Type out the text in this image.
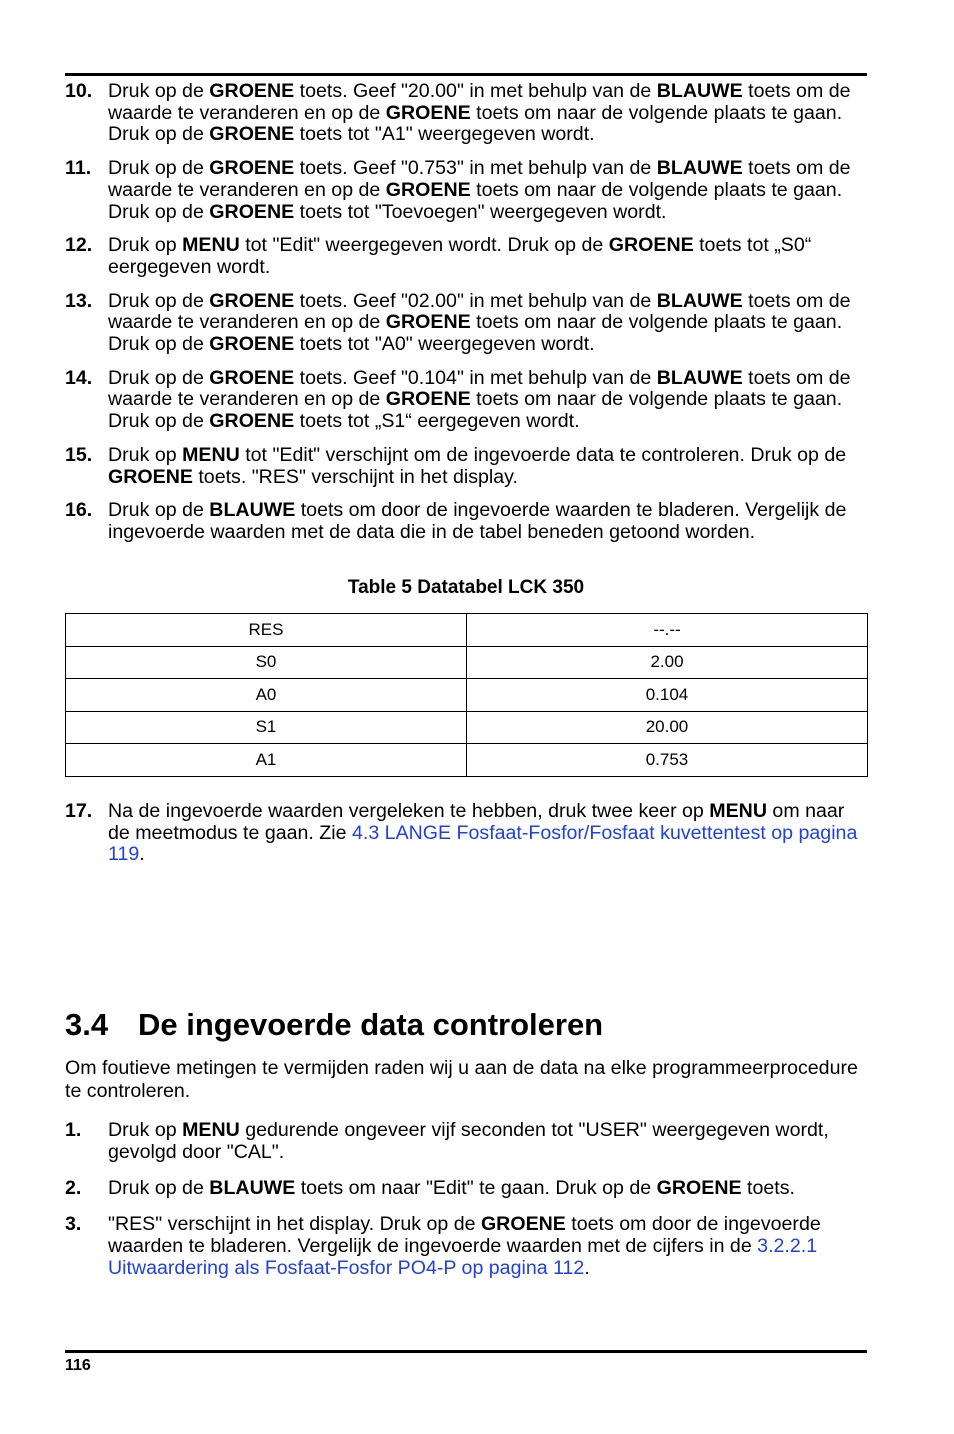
10. Druk op de GROENE toets. Geef "20.00" in met behulp van de BLAUWE toets om de waarde te veranderen en op de GROENE toets om naar de volgende plaats te gaan. Druk op de GROENE toets tot "A1" weergegeven wordt.
11. Druk op de GROENE toets. Geef "0.753" in met behulp van de BLAUWE toets om de waarde te veranderen en op de GROENE toets om naar de volgende plaats te gaan. Druk op de GROENE toets tot "Toevoegen" weergegeven wordt.
12. Druk op MENU tot "Edit" weergegeven wordt. Druk op de GROENE toets tot „S0“ eergegeven wordt.
13. Druk op de GROENE toets. Geef "02.00" in met behulp van de BLAUWE toets om de waarde te veranderen en op de GROENE toets om naar de volgende plaats te gaan. Druk op de GROENE toets tot "A0" weergegeven wordt.
14. Druk op de GROENE toets. Geef "0.104" in met behulp van de BLAUWE toets om de waarde te veranderen en op de GROENE toets om naar de volgende plaats te gaan. Druk op de GROENE toets tot „S1“ eergegeven wordt.
15. Druk op MENU tot "Edit" verschijnt om de ingevoerde data te controleren. Druk op de GROENE toets. "RES" verschijnt in het display.
16. Druk op de BLAUWE toets om door de ingevoerde waarden te bladeren. Vergelijk de ingevoerde waarden met de data die in de tabel beneden getoond worden.
Table 5 Datatabel LCK 350
RES	--.--
S0	2.00
A0	0.104
S1	20.00
A1	0.753
17. Na de ingevoerde waarden vergeleken te hebben, druk twee keer op MENU om naar de meetmodus te gaan. Zie 4.3 LANGE Fosfaat-Fosfor/Fosfaat kuvettentest op pagina 119.
3.4 De ingevoerde data controleren

Om foutieve metingen te vermijden raden wij u aan de data na elke programmeerprocedure te controleren.

1. Druk op MENU gedurende ongeveer vijf seconden tot "USER" weergegeven wordt, gevolgd door "CAL".
2. Druk op de BLAUWE toets om naar "Edit" te gaan. Druk op de GROENE toets.
3. "RES" verschijnt in het display. Druk op de GROENE toets om door de ingevoerde waarden te bladeren. Vergelijk de ingevoerde waarden met de cijfers in de 3.2.2.1 Uitwaardering als Fosfaat-Fosfor PO4-P op pagina 112.
116
